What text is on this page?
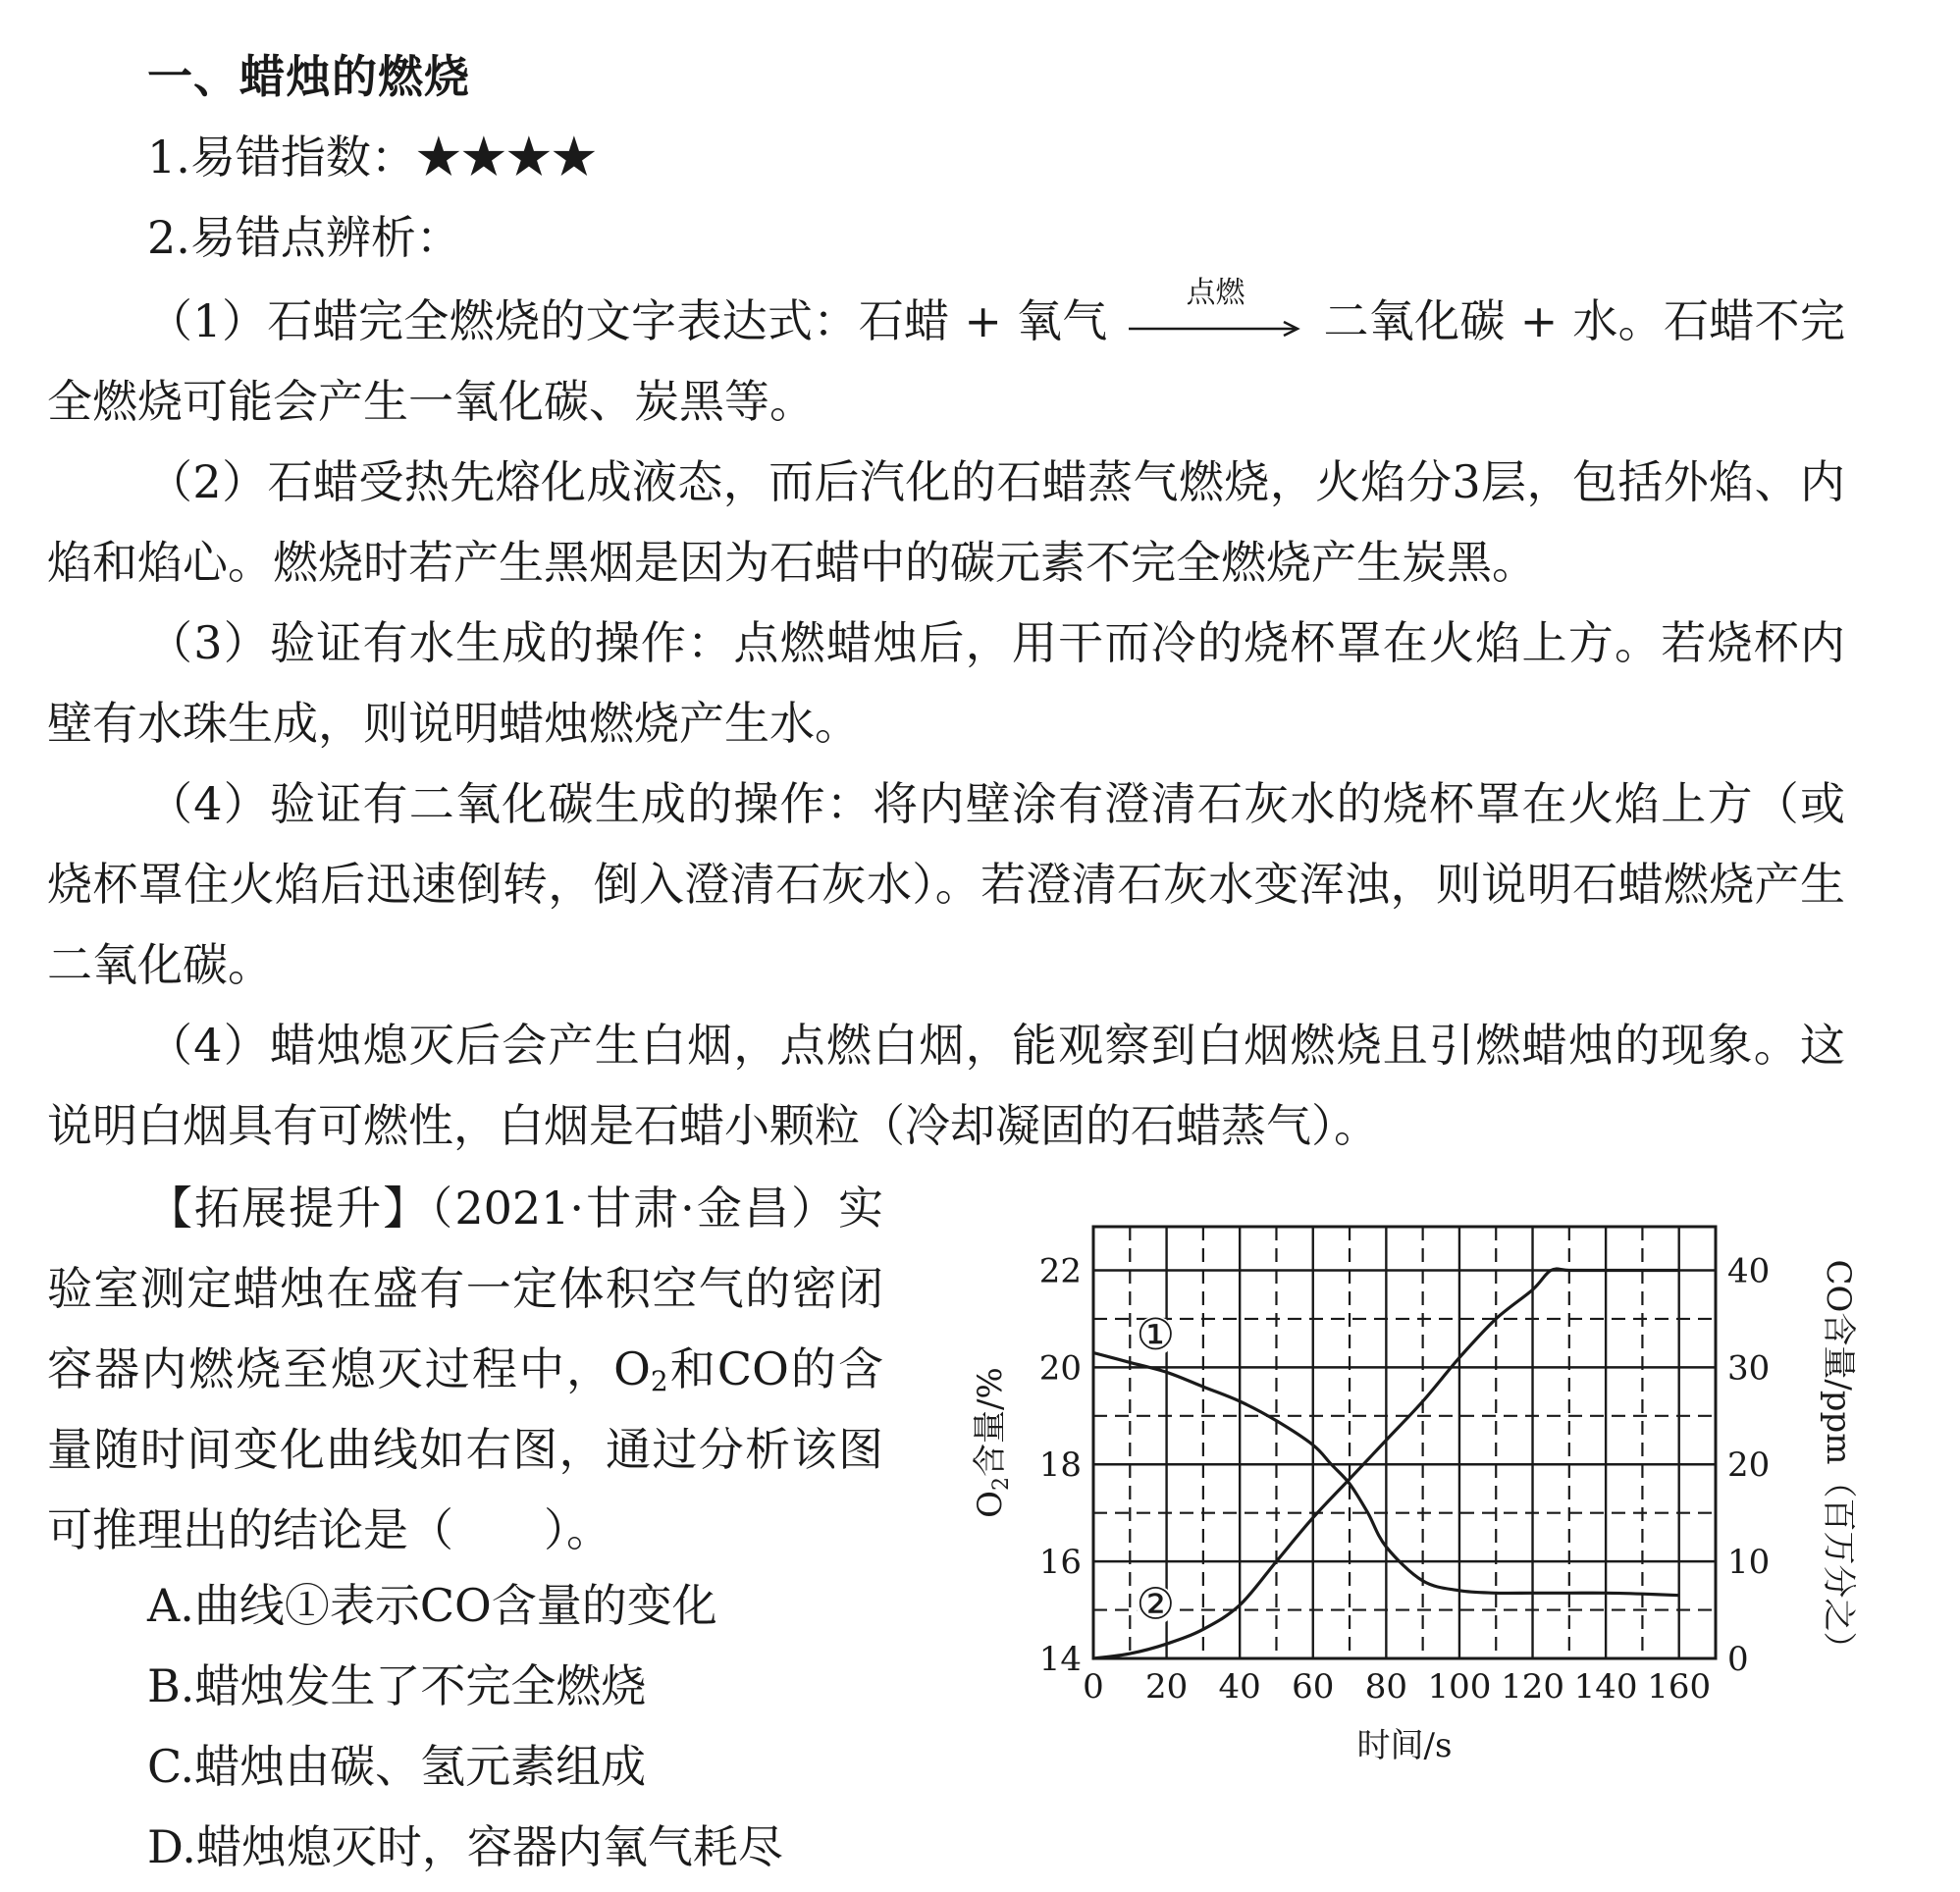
一、蜡烛的燃烧
1.易错指数：★★★★
2.易错点辨析：
（1）石蜡完全燃烧的文字表达式：石蜡 + 氧气
点燃
二氧化碳 + 水。石蜡不完全燃烧可能会产生一氧化碳、炭黑等。
（2）石蜡受热先熔化成液态，而后汽化的石蜡蒸气燃烧，火焰分3层，包括外焰、内焰和焰心。燃烧时若产生黑烟是因为石蜡中的碳元素不完全燃烧产生炭黑。
（3）验证有水生成的操作：点燃蜡烛后，用干而冷的烧杯罩在火焰上方。若烧杯内壁有水珠生成，则说明蜡烛燃烧产生水。
（4）验证有二氧化碳生成的操作：将内壁涂有澄清石灰水的烧杯罩在火焰上方（或烧杯罩住火焰后迅速倒转，倒入澄清石灰水）。若澄清石灰水变浑浊，则说明石蜡燃烧产生二氧化碳。
（4）蜡烛熄灭后会产生白烟，点燃白烟，能观察到白烟燃烧且引燃蜡烛的现象。这说明白烟具有可燃性，白烟是石蜡小颗粒（冷却凝固的石蜡蒸气）。
【拓展提升】（2021·甘肃·金昌）实验室测定蜡烛在盛有一定体积空气的密闭容器内燃烧至熄灭过程中，$O_2$和CO的含量随时间变化曲线如右图，通过分析该图可推理出的结论是（　　）。
A.曲线①表示CO含量的变化
B.蜡烛发生了不完全燃烧
C.蜡烛由碳、氢元素组成
D.蜡烛熄灭时，容器内氧气耗尽
0 20 40 60 80 100 120 140 160
14
16
18
20
22
0
10
20
30
40
①
②
时间/s
$O_2$含量/%	CO含量/ppm（百万分之）
